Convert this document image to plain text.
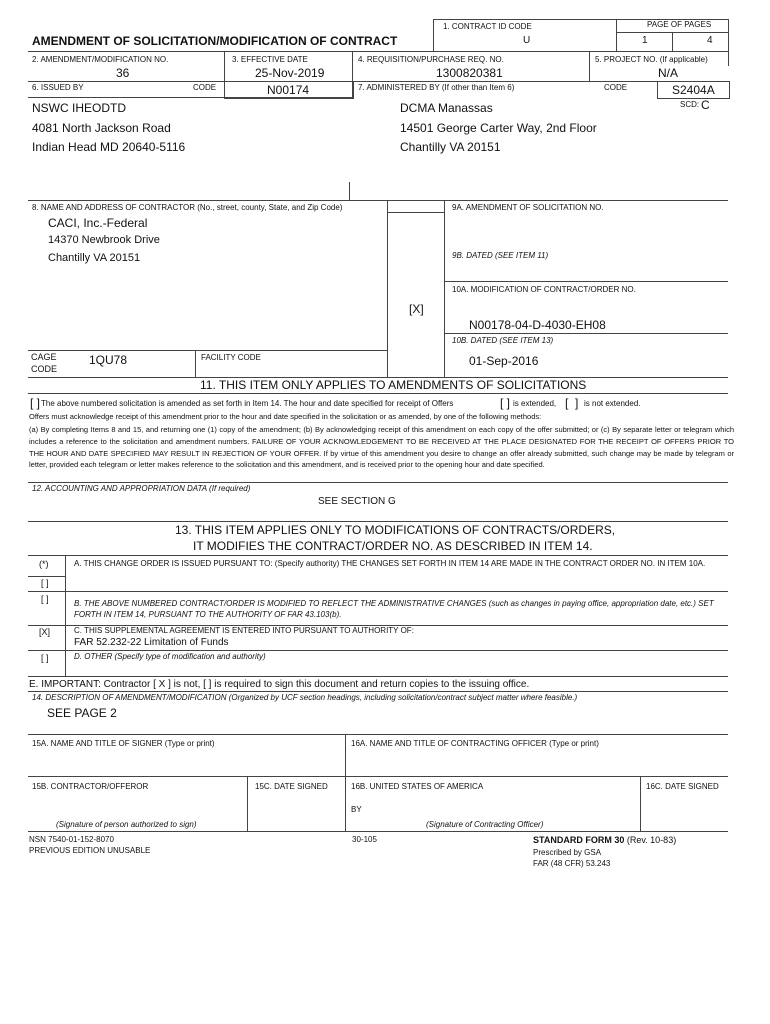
AMENDMENT OF SOLICITATION/MODIFICATION OF CONTRACT
1. CONTRACT ID CODE
U
PAGE OF PAGES
1	4
2. AMENDMENT/MODIFICATION NO.
36
3. EFFECTIVE DATE
25-Nov-2019
4. REQUISITION/PURCHASE REQ. NO.
1300820381
5. PROJECT NO. (If applicable)
N/A
6. ISSUED BY	CODE	N00174	7. ADMINISTERED BY (If other than Item 6)	CODE	S2404A
SCD: C
NSWC IHEODTD
4081 North Jackson Road
Indian Head MD 20640-5116
DCMA Manassas
14501 George Carter Way, 2nd Floor
Chantilly VA 20151
8. NAME AND ADDRESS OF CONTRACTOR (No., street, county, State, and Zip Code)
CACI, Inc.-Federal
14370 Newbrook Drive
Chantilly VA 20151
[X]
CAGE
CODE
1QU78	FACILITY CODE
9A. AMENDMENT OF SOLICITATION NO.
9B. DATED (SEE ITEM 11)
10A. MODIFICATION OF CONTRACT/ORDER NO.
N00178-04-D-4030-EH08
10B. DATED (SEE ITEM 13)
01-Sep-2016
11. THIS ITEM ONLY APPLIES TO AMENDMENTS OF SOLICITATIONS
[ ] The above numbered solicitation is amended as set forth in Item 14. The hour and date specified for receipt of Offers	[ ] is extended, [  ] is not extended.
Offers must acknowledge receipt of this amendment prior to the hour and date specified in the solicitation or as amended, by one of the following methods:
(a) By completing Items 8 and 15, and returning one (1) copy of the amendment; (b) By acknowledging receipt of this amendment on each copy of the offer submitted; or (c) By separate letter or telegram which includes a reference to the solicitation and amendment numbers. FAILURE OF YOUR ACKNOWLEDGEMENT TO BE RECEIVED AT THE PLACE DESIGNATED FOR THE RECEIPT OF OFFERS PRIOR TO THE HOUR AND DATE SPECIFIED MAY RESULT IN REJECTION OF YOUR OFFER. If by virtue of this amendment you desire to change an offer already submitted, such change may be made by telegram or letter, provided each telegram or letter makes reference to the solicitation and this amendment, and is received prior to the opening hour and date specified.
12. ACCOUNTING AND APPROPRIATION DATA (If required)
SEE SECTION G
13. THIS ITEM APPLIES ONLY TO MODIFICATIONS OF CONTRACTS/ORDERS,
IT MODIFIES THE CONTRACT/ORDER NO. AS DESCRIBED IN ITEM 14.
(*)
[ ]
A. THIS CHANGE ORDER IS ISSUED PURSUANT TO: (Specify authority) THE CHANGES SET FORTH IN ITEM 14 ARE MADE IN THE CONTRACT ORDER NO. IN ITEM 10A.
[ ]	B. THE ABOVE NUMBERED CONTRACT/ORDER IS MODIFIED TO REFLECT THE ADMINISTRATIVE CHANGES (such as changes in paying office, appropriation date, etc.) SET FORTH IN ITEM 14, PURSUANT TO THE AUTHORITY OF FAR 43.103(b).
[X]	C. THIS SUPPLEMENTAL AGREEMENT IS ENTERED INTO PURSUANT TO AUTHORITY OF:
FAR 52.232-22 Limitation of Funds
[ ]	D. OTHER (Specify type of modification and authority)
E. IMPORTANT: Contractor [ X ] is not, [ ] is required to sign this document and return copies to the issuing office.
14. DESCRIPTION OF AMENDMENT/MODIFICATION (Organized by UCF section headings, including solicitation/contract subject matter where feasible.)
SEE PAGE 2
15A. NAME AND TITLE OF SIGNER (Type or print)	16A. NAME AND TITLE OF CONTRACTING OFFICER (Type or print)
15B. CONTRACTOR/OFFEROR	15C. DATE SIGNED	16B. UNITED STATES OF AMERICA	16C. DATE SIGNED
BY
(Signature of person authorized to sign)	(Signature of Contracting Officer)
NSN 7540-01-152-8070
PREVIOUS EDITION UNUSABLE
30-105	STANDARD FORM 30 (Rev. 10-83)
Prescribed by GSA
FAR (48 CFR) 53.243
